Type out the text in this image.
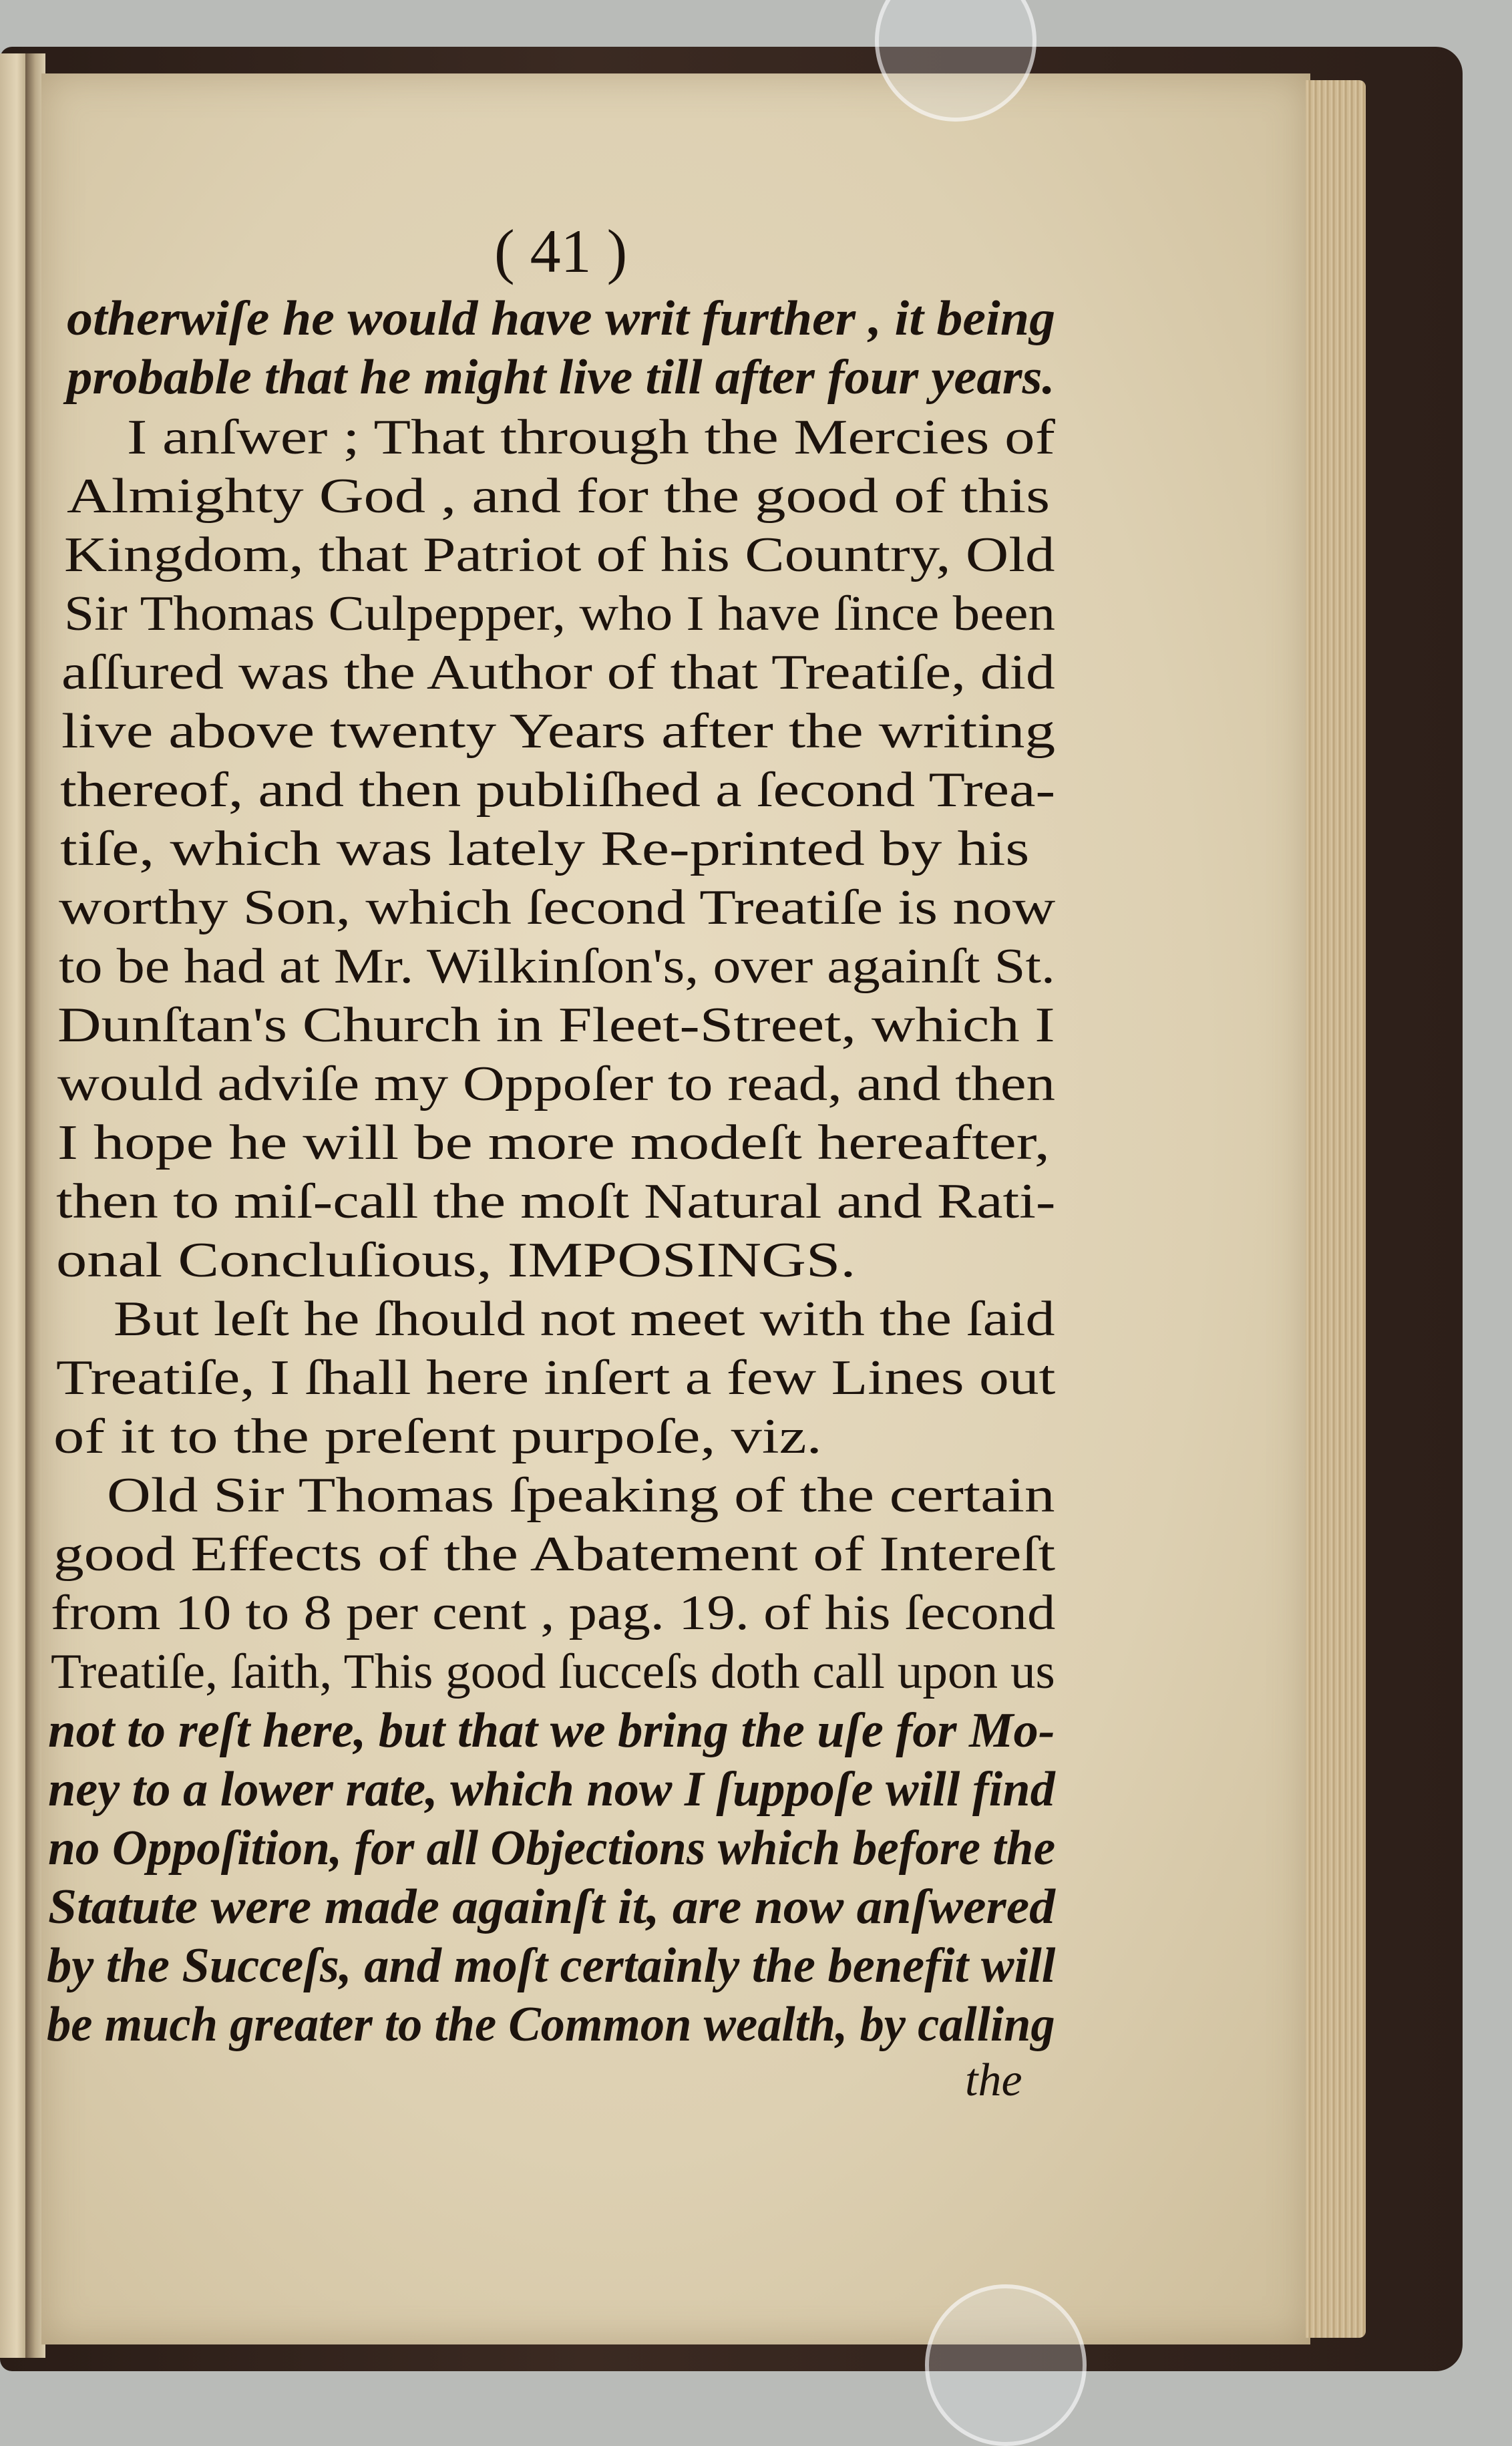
( 41 )
otherwiſe he would have writ further , it being
probable that he might live till after four years.
I anſwer ; That through the Mercies of
Almighty God , and for the good of this
Kingdom, that Patriot of his Country, Old
Sir Thomas Culpepper, who I have ſince been
aſſured was the Author of that Treatiſe, did
live above twenty Years after the writing
thereof, and then publiſhed a ſecond Trea-
tiſe, which was lately Re-printed by his
worthy Son, which ſecond Treatiſe is now
to be had at Mr. Wilkinſon's, over againſt St.
Dunſtan's Church in Fleet-Street, which I
would adviſe my Oppoſer to read, and then
I hope he will be more modeſt hereafter,
then to miſ-call the moſt Natural and Rati-
onal Concluſious, IMPOSINGS.
But leſt he ſhould not meet with the ſaid
Treatiſe, I ſhall here inſert a few Lines out
of it to the preſent purpoſe, viz.
Old Sir Thomas ſpeaking of the certain
good Effects of the Abatement of Intereſt
from 10 to 8 per cent , pag. 19. of his ſecond
Treatiſe, ſaith, This good ſucceſs doth call upon us
not to reſt here, but that we bring the uſe for Mo-
ney to a lower rate, which now I ſuppoſe will find
no Oppoſition, for all Objections which before the
Statute were made againſt it, are now anſwered
by the Succeſs, and moſt certainly the benefit will
be much greater to the Common wealth, by calling
the
